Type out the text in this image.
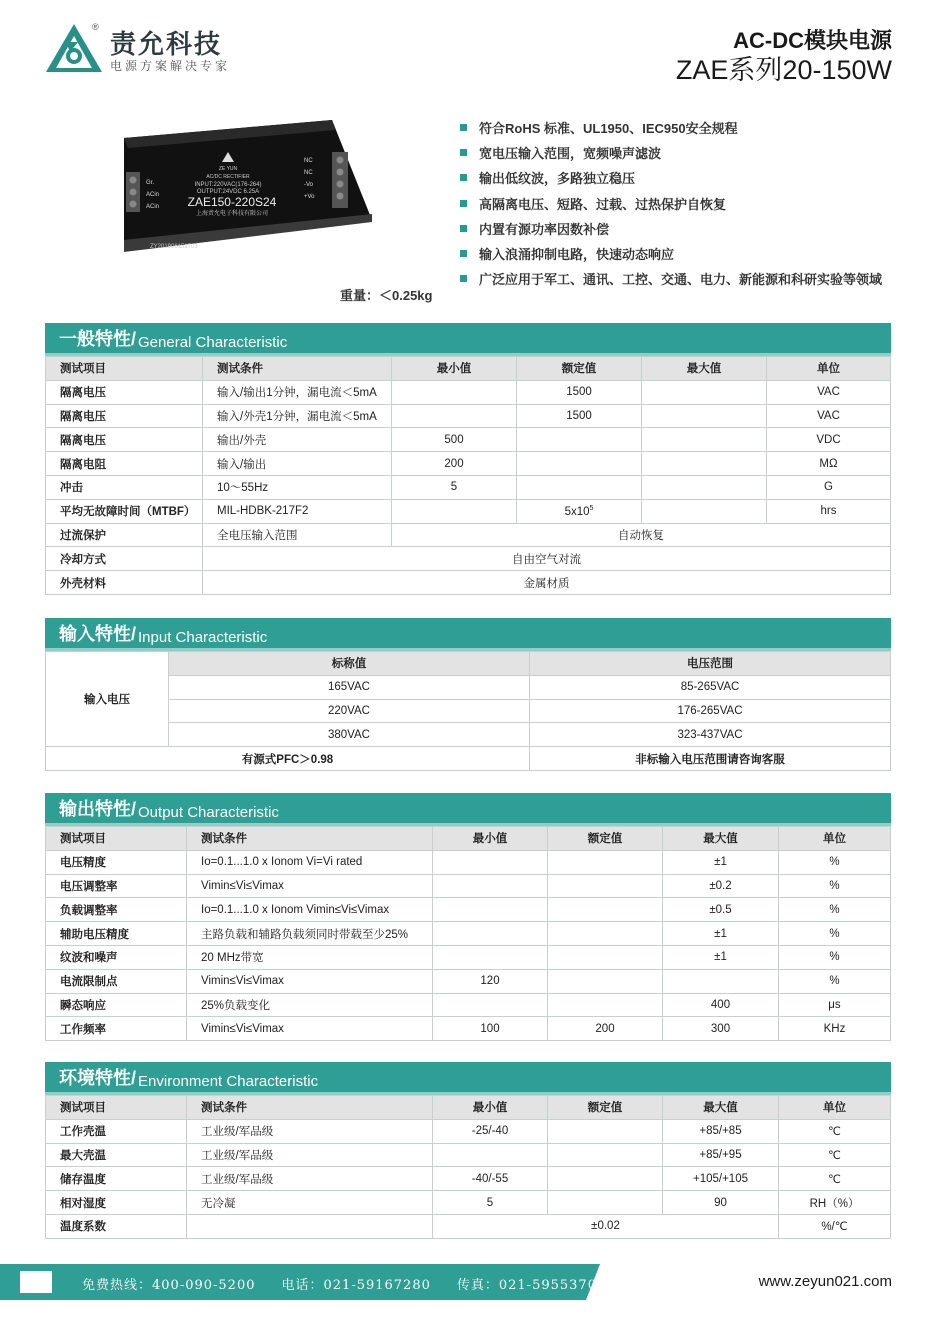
®
责允科技
电源方案解决专家
AC-DC模块电源
ZAE系列20-150W
ZE YUN
AC/DC RECTIFIER
INPUT:220VAC(176-264)
OUTPUT:24VDC 6.25A
ZAE150-220S24
上海责允电子科技有限公司
ZY201906151703
Gr.
ACin
ACin
NC
NC
-Vo
+Vo
重量：＜0.25kg
符合RoHS 标准、UL1950、IEC950安全规程
宽电压输入范围，宽频噪声滤波
输出低纹波，多路独立稳压
高隔离电压、短路、过载、过热保护自恢复
内置有源功率因数补偿
输入浪涌抑制电路，快速动态响应
广泛应用于军工、通讯、工控、交通、电力、新能源和科研实验等领域
一般特性/ General Characteristic
测试项目	测试条件	最小值	额定值	最大值	单位
隔离电压	输入/输出1分钟，漏电流＜5mA		1500		VAC
隔离电压	输入/外壳1分钟，漏电流＜5mA		1500		VAC
隔离电压	输出/外壳	500			VDC
隔离电阻	输入/输出	200			MΩ
冲击	10～55Hz	5			G
平均无故障时间（MTBF）	MIL-HDBK-217F2		$5x10^5$		hrs
过流保护	全电压输入范围	自动恢复			
冷却方式	自由空气对流				
外壳材料	金属材质				
输入特性/ Input Characteristic
输入电压	标称值	电压范围
	165VAC	85-265VAC
	220VAC	176-265VAC
	380VAC	323-437VAC
有源式PFC＞0.98		非标输入电压范围请咨询客服
输出特性/ Output Characteristic
测试项目	测试条件	最小值	额定值	最大值	单位
电压精度	Io=0.1...1.0 x Ionom Vi=Vi rated			±1	%
电压调整率	Vimin≤Vi≤Vimax			±0.2	%
负载调整率	Io=0.1...1.0 x Ionom Vimin≤Vi≤Vimax			±0.5	%
辅助电压精度	主路负载和辅路负载须同时带载至少25%			±1	%
纹波和噪声	20 MHz带宽			±1	%
电流限制点	Vimin≤Vi≤Vimax	120			%
瞬态响应	25%负载变化			400	μs
工作频率	Vimin≤Vi≤Vimax	100	200	300	KHz
环境特性/ Environment Characteristic
测试项目	测试条件	最小值	额定值	最大值	单位
工作壳温	工业级/军品级	-25/-40		+85/+85	℃
最大壳温	工业级/军品级			+85/+95	℃
储存温度	工业级/军品级	-40/-55		+105/+105	℃
相对湿度	无冷凝	5		90	RH（%）
温度系数		±0.02			%/℃
免费热线：400-090-5200 电话：021-59167280 传真：021-59553702	www.zeyun021.com
